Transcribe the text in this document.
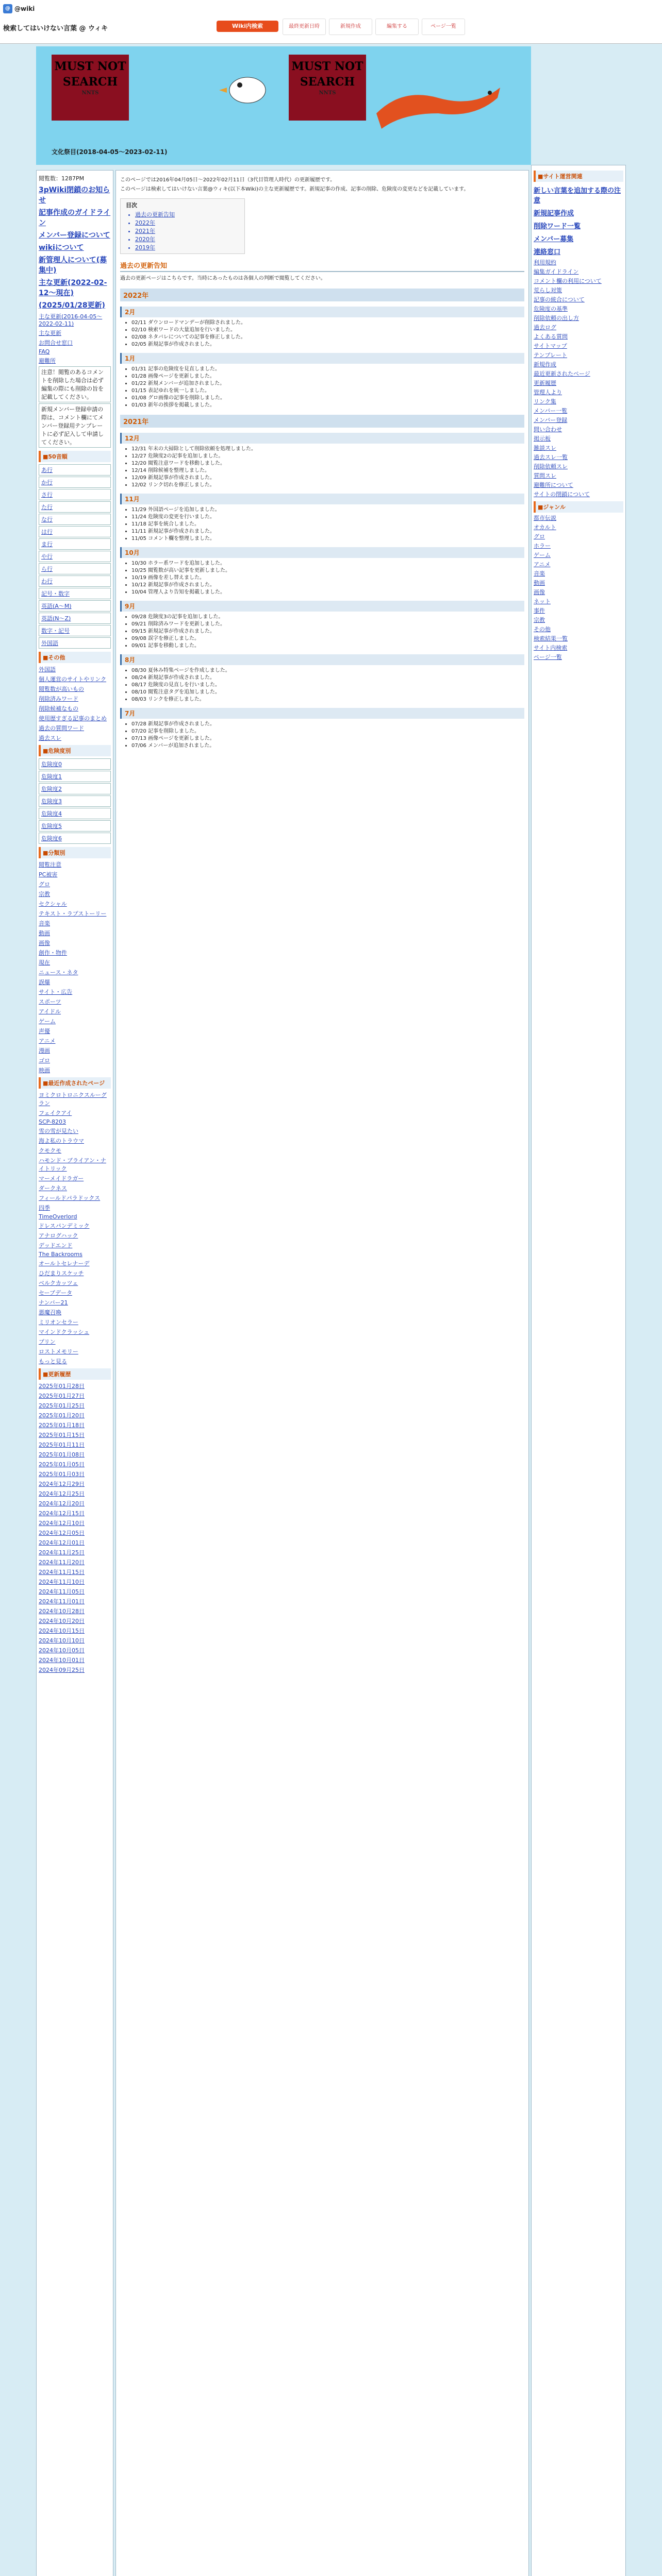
@ @wiki
検索してはいけない言葉 @ ウィキ	Wiki内検索	最終更新日時	新規作成	編集する	ページ一覧
MUST NOT SEARCH
NNTS
MUST NOT SEARCH
NNTS
文化祭目(2018-04-05〜2023-02-11)
閲覧数：1287PM
3pWiki閉鎖のお知らせ
記事作成のガイドライン
メンバー登録について
wikiについて
新管理人について(募集中)
主な更新(2022-02-12〜現在)
(2025/01/28更新)
主な更新(2016-04-05〜2022-02-11)
主な更新
お問合せ窓口
FAQ
避難所
注意！閲覧のあるコメントを削除した場合は必ず編集の際にも削除の旨を記載してください。
新規メンバー登録申請の際は、コメント欄にてメンバー登録用テンプレートに必ず記入して申請してください。
■50音順
あ行
か行
さ行
た行
な行
は行
ま行
や行
ら行
わ行
記号・数字
英語(A〜M)
英語(N〜Z)
数字・記号
外国語
■その他
外国語
個人運営のサイトやリンク
閲覧数が高いもの
削除済みワード
削除候補なもの
使用歴すぎる記事のまとめ
過去の質問ワード
過去スレ
■危険度別
危険度0
危険度1
危険度2
危険度3
危険度4
危険度5
危険度6
■分類別
閲覧注意
PC被害
グロ
宗教
セクシャル
テキスト・ラプストーリー
音楽
動画
画像
創作・物件
現在
ニュース・ネタ
誤爆
サイト・広告
スポーツ
アイドル
ゲーム
声優
アニメ
漫画
ゴロ
映画
■最近作成されたページ
ヨミクロトロニクスルーグラン
フェイクアイ
SCP-8203
雪の雪が見たい
海よ私のトラウマ
クモクモ
ハモンド・ブライアン・ナイトリック
マーメイドラガー
ダークネス
フィールドパラドックス
四季
TimeOverlord
ドレスパンデミック
アナログハック
デッドエンド
The Backrooms
オールトセレナーデ
ひだまりスケッチ
ベルクカッツェ
セーブデータ
ナンバー21
悪魔召喚
ミリオンセラー
マインドクラッシュ
プリン
ロストメモリー
もっと見る
■更新履歴
2025年01月28日
2025年01月27日
2025年01月25日
2025年01月20日
2025年01月18日
2025年01月15日
2025年01月11日
2025年01月08日
2025年01月05日
2025年01月03日
2024年12月29日
2024年12月25日
2024年12月20日
2024年12月15日
2024年12月10日
2024年12月05日
2024年12月01日
2024年11月25日
2024年11月20日
2024年11月15日
2024年11月10日
2024年11月05日
2024年11月01日
2024年10月28日
2024年10月20日
2024年10月15日
2024年10月10日
2024年10月05日
2024年10月01日
2024年09月25日
このページでは2016年04月05日〜2022年02月11日（3代目管理人時代）の更新履歴です。
このページは検索してはいけない言葉@ウィキ(以下本Wiki)の主な更新履歴です。新規記事の作成、記事の削除、危険度の変更などを記載しています。
目次
• 過去の更新告知
• 2022年
• 2021年
• 2020年
• 2019年
過去の更新告知
過去の更新ページはこちらです。当時にあったものは各個人の判断で閲覧してください。
2022年
2月
• 02/11 ダウンロードマンデーが削除されました。
• 02/10 検索ワードの大量追加を行いました。
• 02/08 ネタバレについての記事を修正しました。
• 02/05 新規記事が作成されました。
1月
• 01/31 記事の危険度を見直しました。
• 01/28 画像ページを更新しました。
• 01/22 新規メンバーが追加されました。
• 01/15 表記ゆれを統一しました。
• 01/08 グロ画像の記事を削除しました。
• 01/03 新年の挨拶を掲載しました。
2021年
12月
• 12/31 年末の大掃除として削除依頼を処理しました。
• 12/27 危険度2の記事を追加しました。
• 12/20 閲覧注意ワードを移動しました。
• 12/14 削除候補を整理しました。
• 12/09 新規記事が作成されました。
• 12/02 リンク切れを修正しました。
11月
• 11/29 外国語ページを追加しました。
• 11/24 危険度の変更を行いました。
• 11/18 記事を統合しました。
• 11/11 新規記事が作成されました。
• 11/05 コメント欄を整理しました。
10月
• 10/30 ホラー系ワードを追加しました。
• 10/25 閲覧数が高い記事を更新しました。
• 10/19 画像を差し替えました。
• 10/12 新規記事が作成されました。
• 10/04 管理人より告知を掲載しました。
9月
• 09/28 危険度3の記事を追加しました。
• 09/21 削除済みワードを更新しました。
• 09/15 新規記事が作成されました。
• 09/08 誤字を修正しました。
• 09/01 記事を移動しました。
8月
• 08/30 夏休み特集ページを作成しました。
• 08/24 新規記事が作成されました。
• 08/17 危険度の見直しを行いました。
• 08/10 閲覧注意タグを追加しました。
• 08/03 リンクを修正しました。
7月
• 07/28 新規記事が作成されました。
• 07/20 記事を削除しました。
• 07/13 画像ページを更新しました。
• 07/06 メンバーが追加されました。
■サイト運営関連
新しい言葉を追加する際の注意
新規記事作成
削除ワード一覧
メンバー募集
連絡窓口
利用規約
編集ガイドライン
コメント欄の利用について
荒らし対策
記事の統合について
危険度の基準
削除依頼の出し方
過去ログ
よくある質問
サイトマップ
テンプレート
新規作成
最近更新されたページ
更新履歴
管理人より
リンク集
メンバー一覧
メンバー登録
問い合わせ
掲示板
雑談スレ
過去スレ一覧
削除依頼スレ
質問スレ
避難所について
サイトの閉鎖について
■ジャンル
都市伝説
オカルト
グロ
ホラー
ゲーム
アニメ
音楽
動画
画像
ネット
事件
宗教
その他
検索結果一覧
サイト内検索
ページ一覧
